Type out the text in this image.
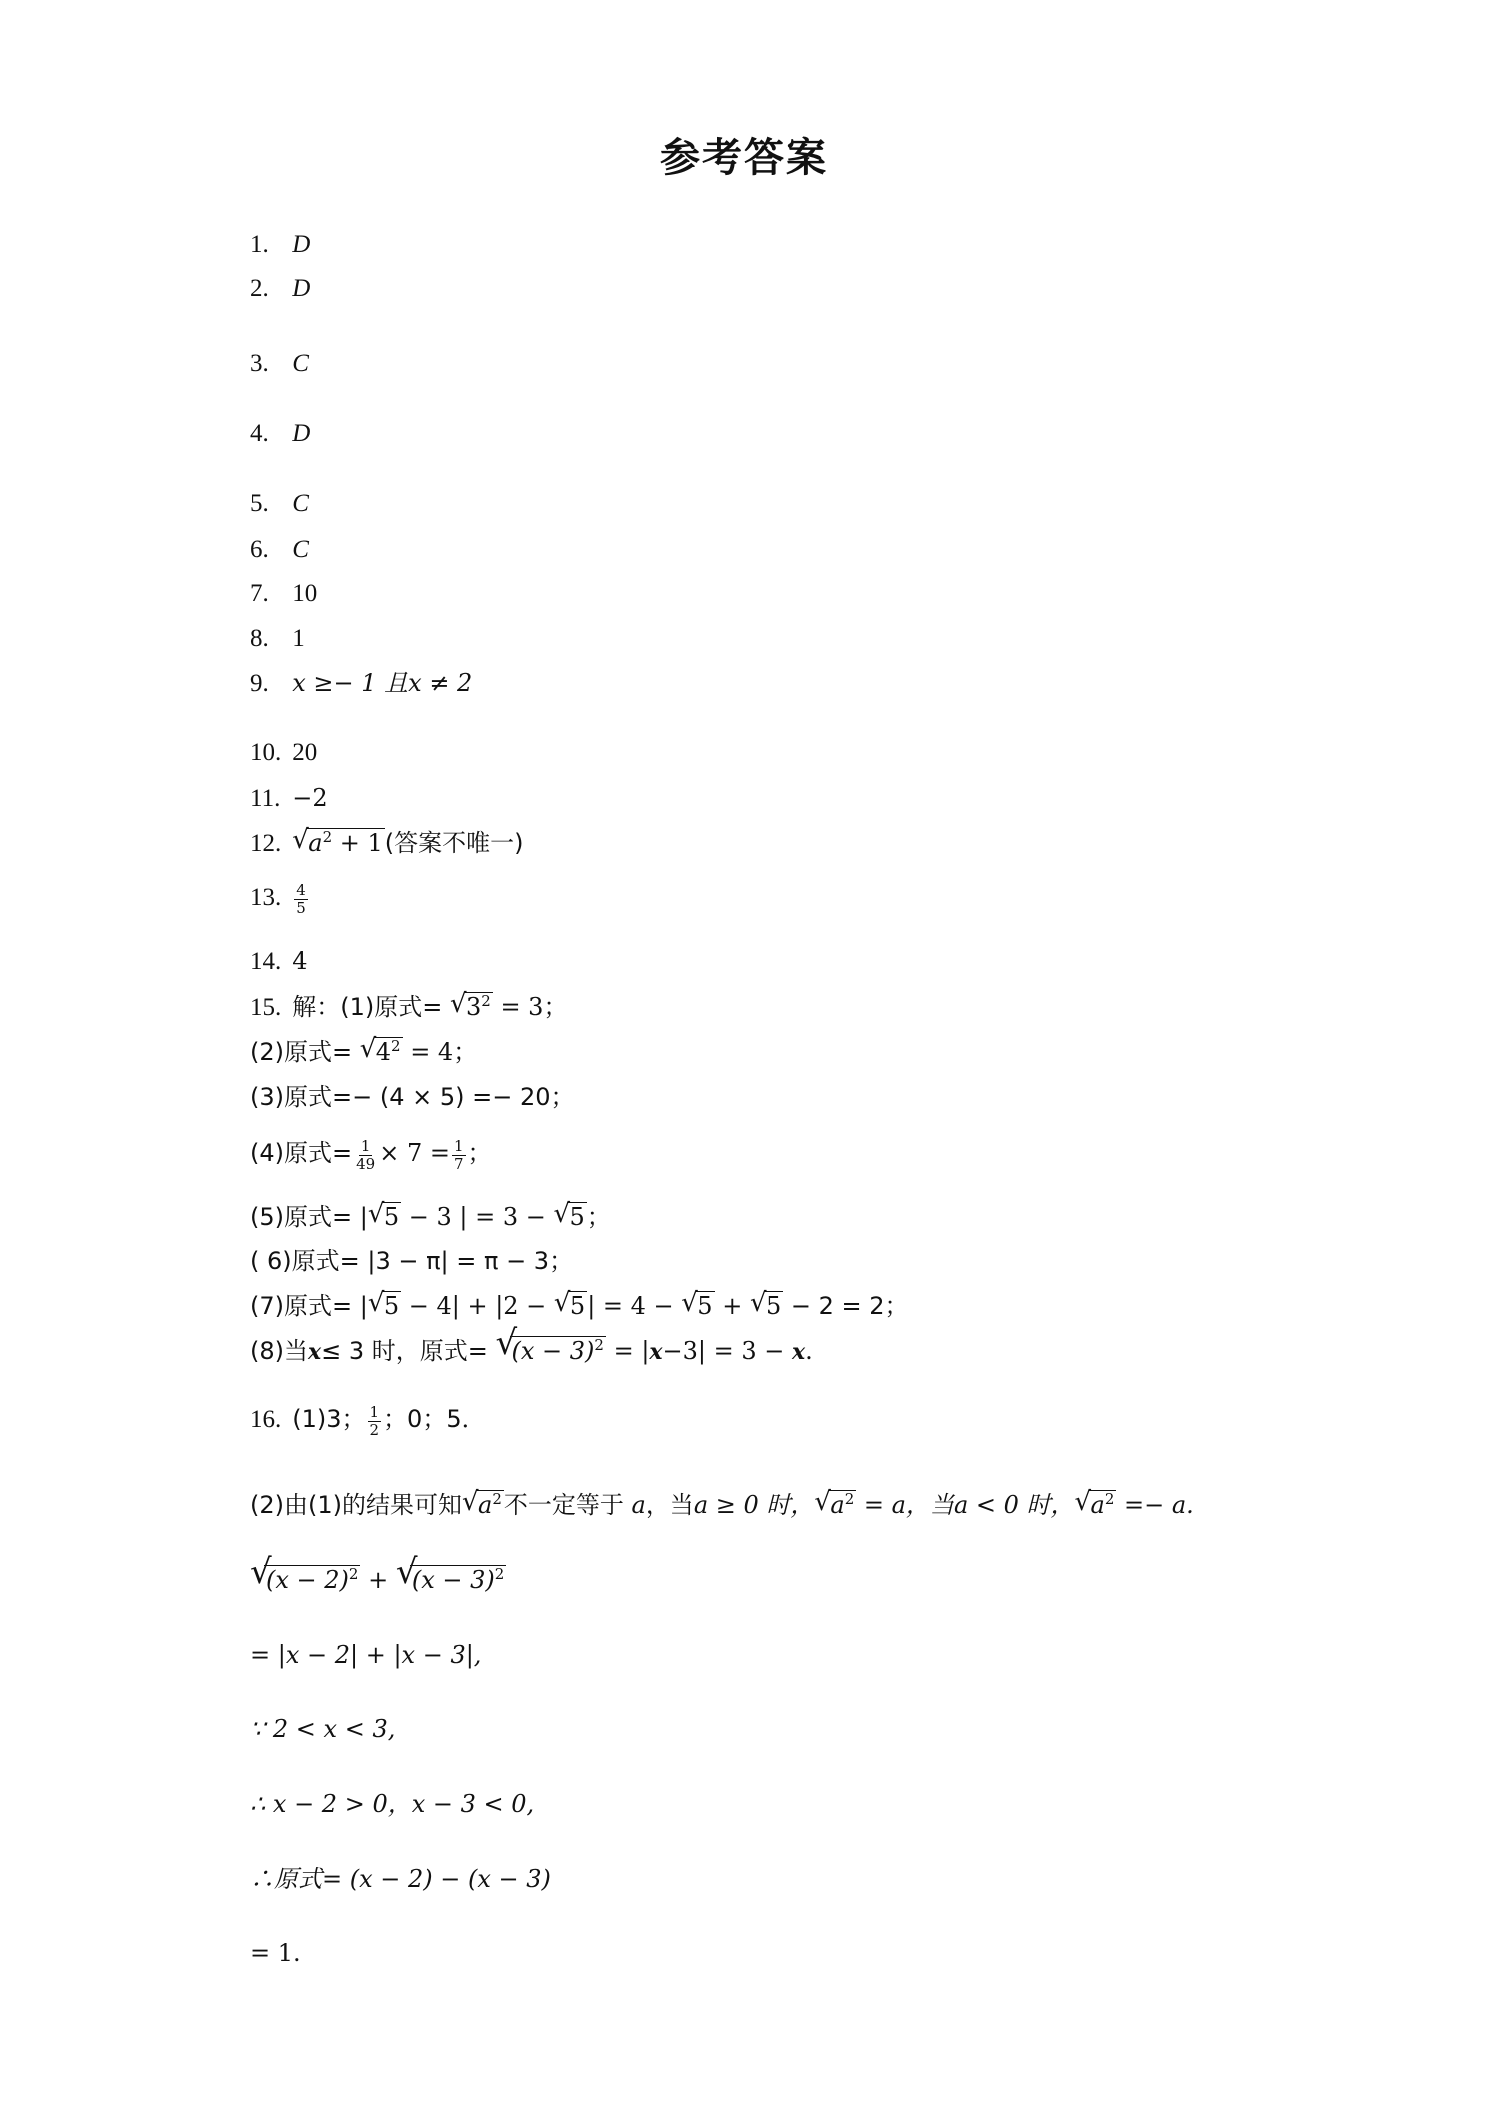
参考答案
1. D
2. D
3. C
4. D
5. C
6. C
7. 10
8. 1
9. x ≥− 1 且x ≠ 2
10. 20
11. −2
12. √ $a^2 + 1$(答案不唯一)
13. $\frac{4}{5}$
14. 4
15. 解：(1)原式= √ $3^2 = 3$；
(2)原式= √ $4^2 = 4$；
(3)原式=− (4 × 5) =− 20；
(4)原式= $\frac{1}{49} \times 7 = \frac{1}{7}$ ；
(5)原式= | √ 5 − 3 | = 3 − √ 5；
( 6)原式= |3 − π| = π − 3；
(7)原式= | √ 5 − 4| + |2 − √ 5| = 4 − √ 5 + √ 5 − 2 = 2；
(8)当x≤ 3 时，原式= √ $(x - 3)^2 = |x-3| = 3 - x$.
16. (1)3； $\frac{1}{2}$ ；0；5．
(2)由(1)的结果可知 √ $a^2$不一定等于 a，当a ≥ 0 时， √ $a^2 = a$，当a < 0 时， √ $a^2 =- a$.
√ $(x - 2)^2$ + √ $(x - 3)^2$
= |x − 2| + |x − 3|,
∵ 2 < x < 3,
∴ x − 2 > 0，x − 3 < 0,
∴原式= (x − 2) − (x − 3)
= 1.
